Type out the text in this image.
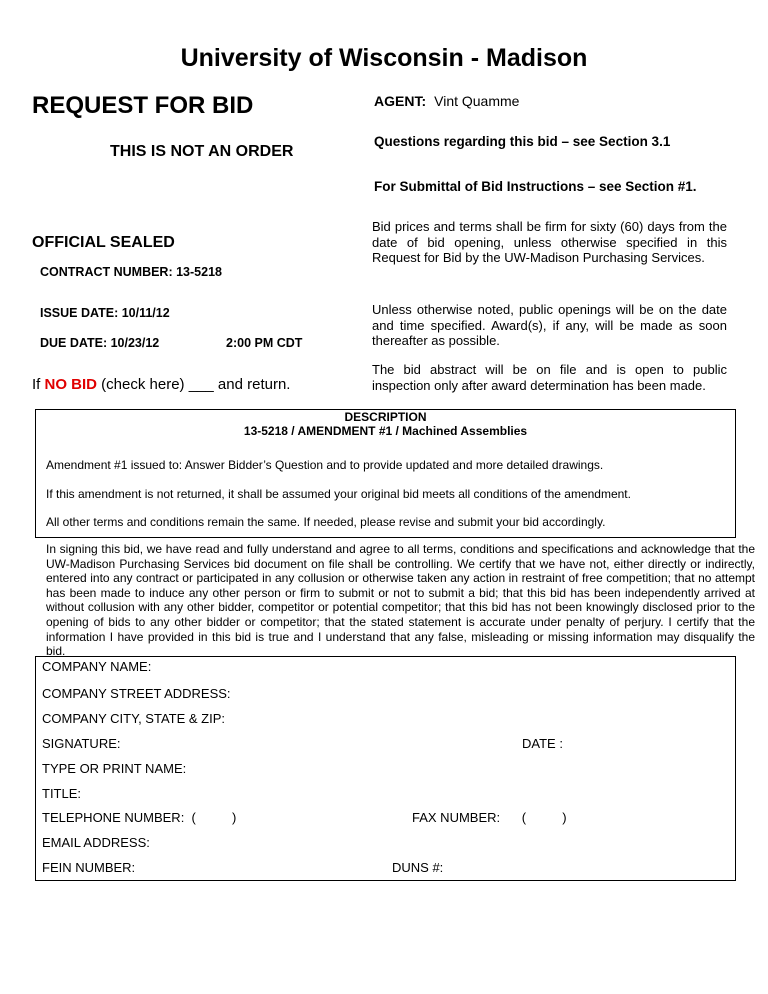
University of Wisconsin - Madison
REQUEST FOR BID
THIS IS NOT AN ORDER
AGENT: Vint Quamme
Questions regarding this bid – see Section 3.1
For Submittal of Bid Instructions – see Section #1.
Bid prices and terms shall be firm for sixty (60) days from the date of bid opening, unless otherwise specified in this Request for Bid by the UW-Madison Purchasing Services.
Unless otherwise noted, public openings will be on the date and time specified. Award(s), if any, will be made as soon thereafter as possible.
The bid abstract will be on file and is open to public inspection only after award determination has been made.
OFFICIAL SEALED
CONTRACT NUMBER: 13-5218
ISSUE DATE: 10/11/12
DUE DATE: 10/23/12	2:00 PM CDT
If NO BID (check here) ___ and return.
DESCRIPTION
13-5218 / AMENDMENT #1 / Machined Assemblies
Amendment #1 issued to: Answer Bidder’s Question and to provide updated and more detailed drawings.
If this amendment is not returned, it shall be assumed your original bid meets all conditions of the amendment.
All other terms and conditions remain the same. If needed, please revise and submit your bid accordingly.
In signing this bid, we have read and fully understand and agree to all terms, conditions and specifications and acknowledge that the UW-Madison Purchasing Services bid document on file shall be controlling. We certify that we have not, either directly or indirectly, entered into any contract or participated in any collusion or otherwise taken any action in restraint of free competition; that no attempt has been made to induce any other person or firm to submit or not to submit a bid; that this bid has been independently arrived at without collusion with any other bidder, competitor or potential competitor; that this bid has not been knowingly disclosed prior to the opening of bids to any other bidder or competitor; that the stated statement is accurate under penalty of perjury. I certify that the information I have provided in this bid is true and I understand that any false, misleading or missing information may disqualify the bid.
COMPANY NAME:
COMPANY STREET ADDRESS:
COMPANY CITY, STATE & ZIP:
SIGNATURE:	DATE :
TYPE OR PRINT NAME:
TITLE:
TELEPHONE NUMBER:  (          )	FAX NUMBER:      (          )
EMAIL ADDRESS:
FEIN NUMBER:	DUNS #:
